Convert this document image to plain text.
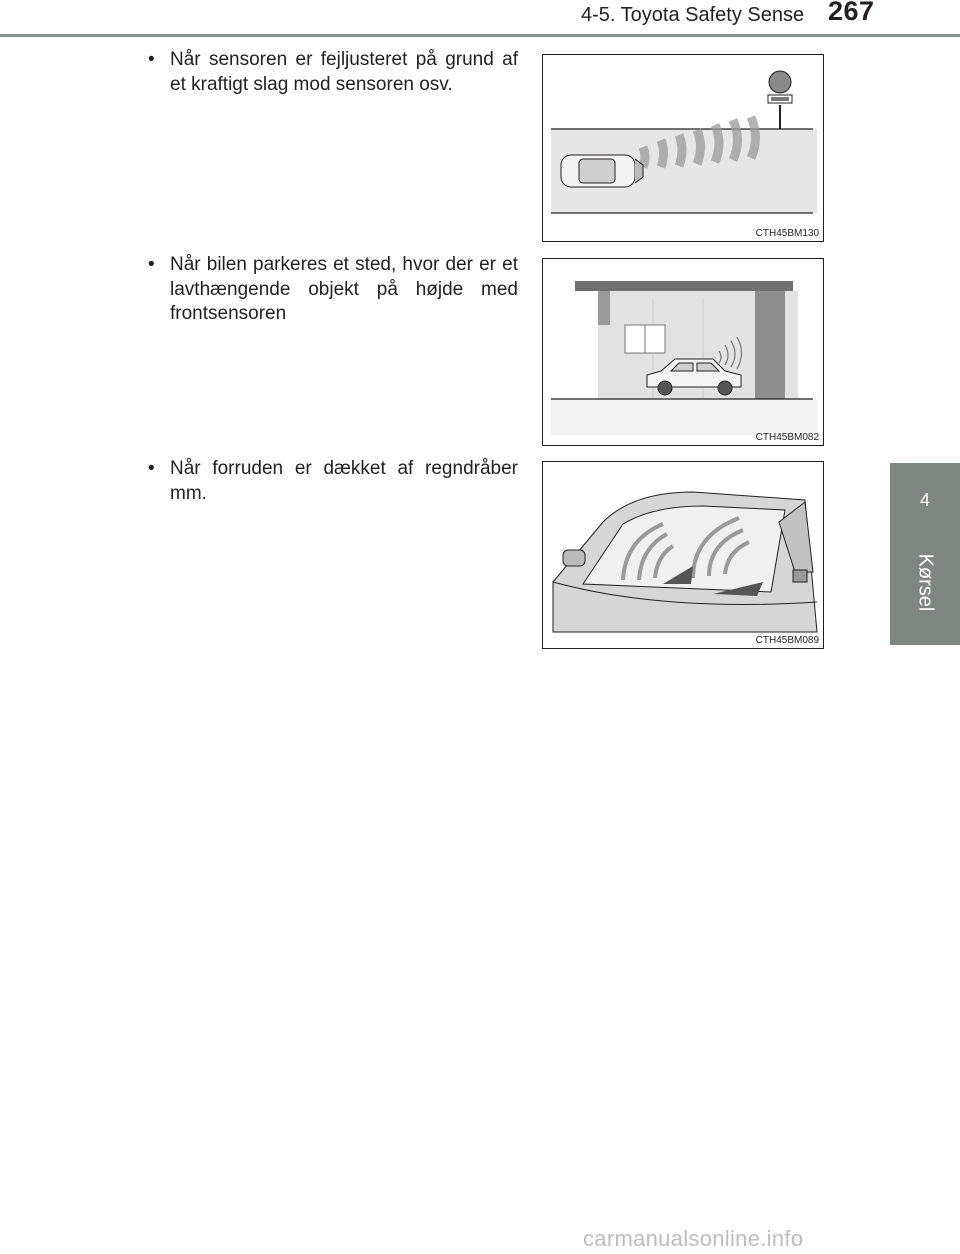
4-5. Toyota Safety Sense 267
4
Kørsel
• Når sensoren er fejljusteret på grund af et kraftigt slag mod sensoren osv.
CTH45BM130
• Når bilen parkeres et sted, hvor der er et lavthængende objekt på højde med frontsensoren
CTH45BM082
• Når forruden er dækket af regndråber mm.
CTH45BM089
carmanualsonline.info
